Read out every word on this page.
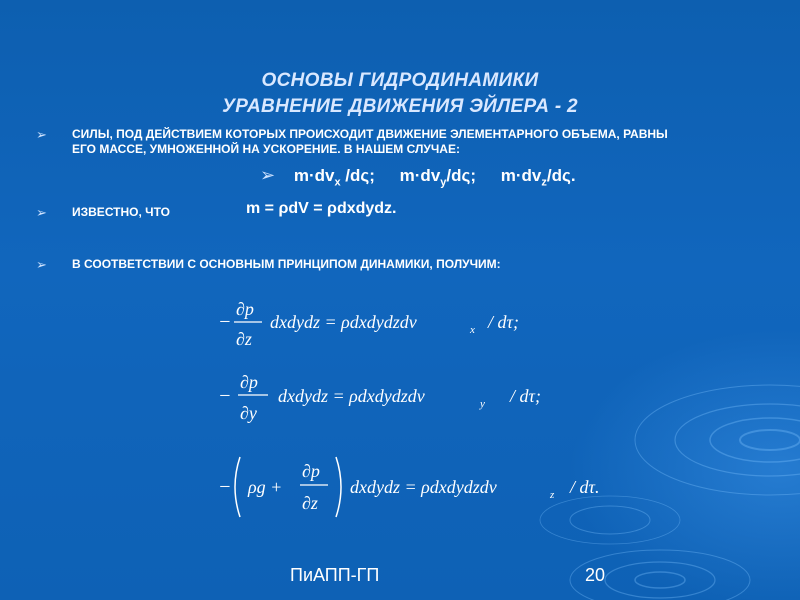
ОСНОВЫ ГИДРОДИНАМИКИ
УРАВНЕНИЕ ДВИЖЕНИЯ ЭЙЛЕРА - 2
➢ СИЛЫ, ПОД ДЕЙСТВИЕМ КОТОРЫХ ПРОИСХОДИТ ДВИЖЕНИЕ ЭЛЕМЕНТАРНОГО ОБЪЕМА, РАВНЫ
ЕГО МАССЕ, УМНОЖЕННОЙ НА УСКОРЕНИЕ. В НАШЕМ СЛУЧАЕ:
➢ $m\cdot dv_x$ /dς; $m\cdot dv_y/d\varsigma$; $m\cdot dv_z/d\varsigma$.
➢ ИЗВЕСТНО, ЧТО	m = ρdV = ρdxdydz.
➢ В СООТВЕТСТВИИ С ОСНОВНЫМ ПРИНЦИПОМ ДИНАМИКИ, ПОЛУЧИМ:
−
∂p
∂z
dxdydz = ρdxdydzdv	x / dτ;
−
∂p
∂y
dxdydz = ρdxdydzdv	y / dτ;
− ρg +
∂p
∂z
dxdydz = ρdxdydzdv	z / dτ.
ПиАПП-ГП	20
